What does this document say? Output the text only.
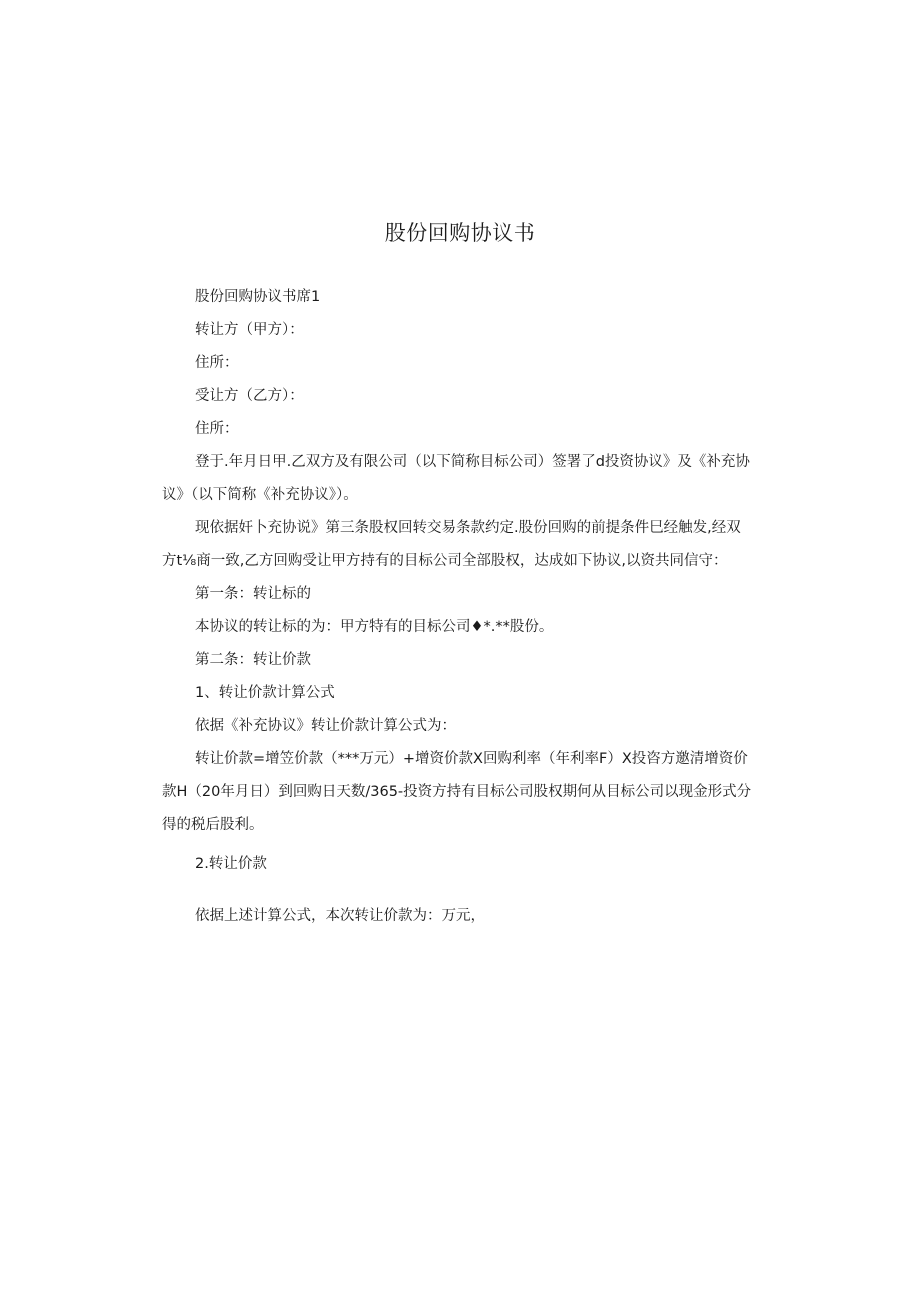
股份回购协议书

股份回购协议书席1

转让方（甲方）：

住所：

受让方（乙方）：

住所：

登于.年月日甲.乙双方及有限公司（以下简称目标公司）签署了d投资协议》及《补充协议》（以下简称《补充协议》）。

现依据奸卜充协说》第三条股权回转交易条款约定.股份回购的前提条件巳经触发,经双方t⅛商一致,乙方回购受让甲方持有的目标公司全部股权，达成如下协议,以资共同信守：

第一条：转让标的

本协议的转让标的为：甲方特有的目标公司♦*.**股份。

第二条：转让价款

1、转让价款计算公式

依据《补充协议》转让价款计算公式为：

转让价款=增笠价款（***万元）+增资价款X回购利率（年利率F）X投咨方邀清增资价款H（20年月日）到回购日天数/365-投资方持有目标公司股权期何从目标公司以现金形式分得的税后股利。

2.转让价款

依据上述计算公式，本次转让价款为：万元，
